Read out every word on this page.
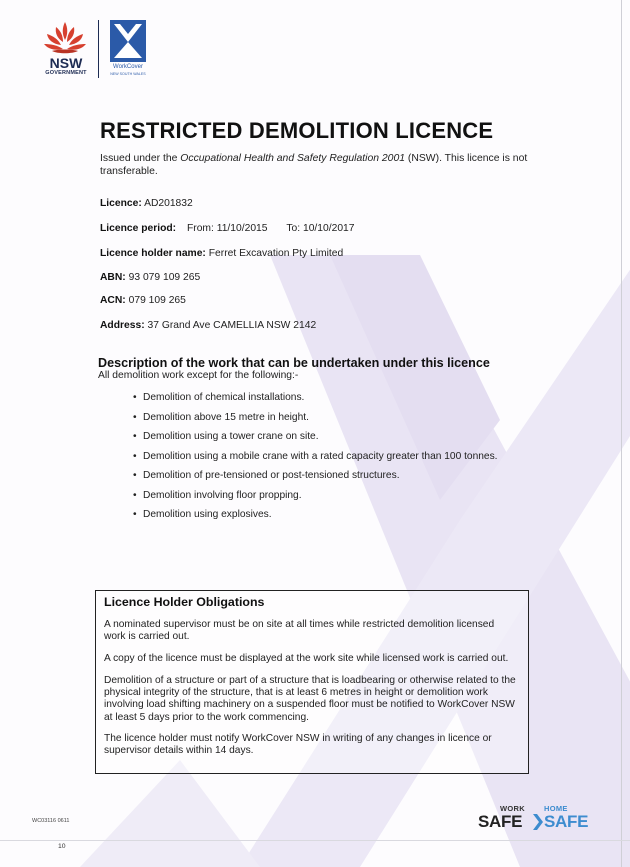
NSW
GOVERNMENT
WorkCover
NEW SOUTH WALES
RESTRICTED DEMOLITION LICENCE
Issued under the Occupational Health and Safety Regulation 2001 (NSW). This licence is not transferable.
Licence: AD201832
Licence period: From: 11/10/2015 To: 10/10/2017
Licence holder name: Ferret Excavation Pty Limited
ABN: 93 079 109 265
ACN: 079 109 265
Address: 37 Grand Ave CAMELLIA NSW 2142
Description of the work that can be undertaken under this licence
All demolition work except for the following:-
• Demolition of chemical installations.
• Demolition above 15 metre in height.
• Demolition using a tower crane on site.
• Demolition using a mobile crane with a rated capacity greater than 100 tonnes.
• Demolition of pre-tensioned or post-tensioned structures.
• Demolition involving floor propping.
• Demolition using explosives.
Licence Holder Obligations

A nominated supervisor must be on site at all times while restricted demolition licensed work is carried out.

A copy of the licence must be displayed at the work site while licensed work is carried out.

Demolition of a structure or part of a structure that is loadbearing or otherwise related to the physical integrity of the structure, that is at least 6 metres in height or demolition work involving load shifting machinery on a suspended floor must be notified to WorkCover NSW at least 5 days prior to the work commencing.

The licence holder must notify WorkCover NSW in writing of any changes in licence or supervisor details within 14 days.

WC03116 0611
10
WORK
SAFE
HOME
SAFE
